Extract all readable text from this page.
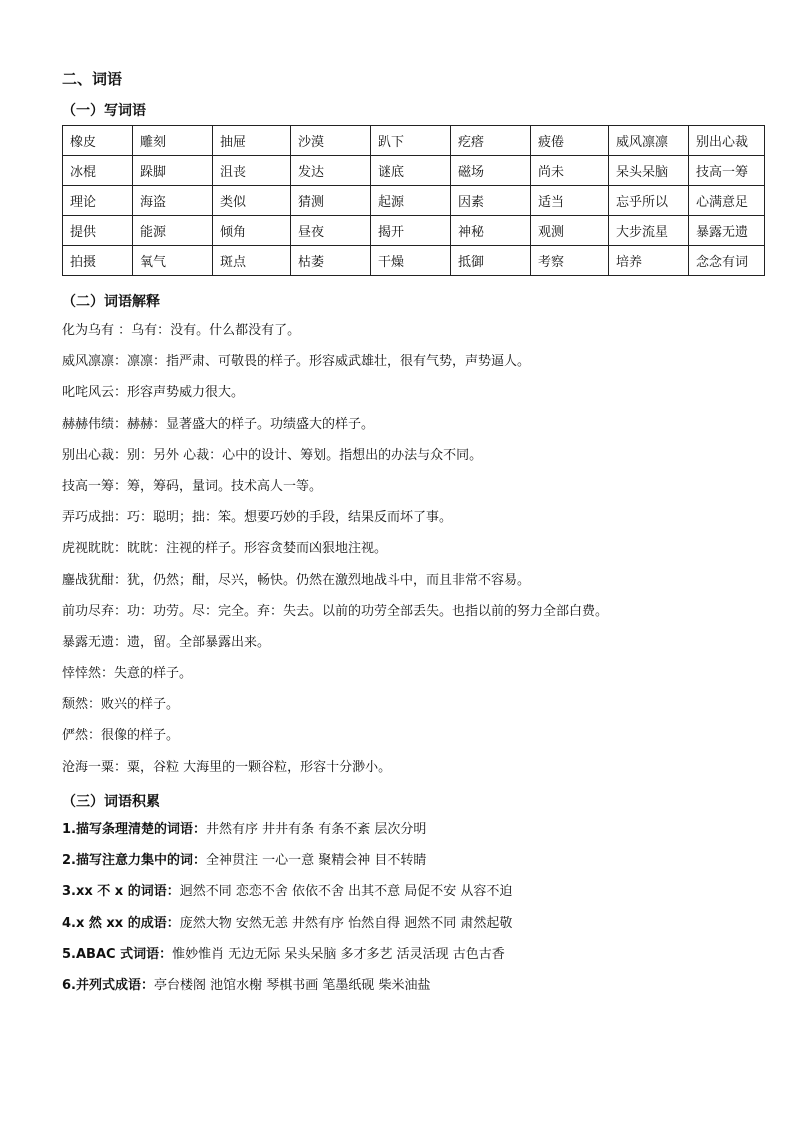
二、词语
（一）写词语
橡皮	雕刻	抽屉	沙漠	趴下	疙瘩	疲倦	威风凛凛	别出心裁
冰棍	跺脚	沮丧	发达	谜底	磁场	尚未	呆头呆脑	技高一筹
理论	海盗	类似	猜测	起源	因素	适当	忘乎所以	心满意足
提供	能源	倾角	昼夜	揭开	神秘	观测	大步流星	暴露无遗
拍摄	氧气	斑点	枯萎	干燥	抵御	考察	培养	念念有词
（二）词语解释
化为乌有 ：乌有：没有。什么都没有了。
威风凛凛：凛凛：指严肃、可敬畏的样子。形容威武雄壮，很有气势，声势逼人。
叱咤风云：形容声势威力很大。
赫赫伟绩：赫赫：显著盛大的样子。功绩盛大的样子。
别出心裁：别：另外 心裁：心中的设计、筹划。指想出的办法与众不同。
技高一筹：筹，筹码，量词。技术高人一等。
弄巧成拙：巧：聪明；拙：笨。想要巧妙的手段，结果反而坏了事。
虎视眈眈：眈眈：注视的样子。形容贪婪而凶狠地注视。
鏖战犹酣：犹，仍然；酣，尽兴，畅快。仍然在激烈地战斗中，而且非常不容易。
前功尽弃：功：功劳。尽：完全。弃：失去。以前的功劳全部丢失。也指以前的努力全部白费。
暴露无遗：遗，留。全部暴露出来。
悻悻然：失意的样子。
颓然：败兴的样子。
俨然：很像的样子。
沧海一粟：粟，谷粒 大海里的一颗谷粒，形容十分渺小。
（三）词语积累
1.描写条理清楚的词语：井然有序 井井有条 有条不紊 层次分明
2.描写注意力集中的词：全神贯注 一心一意 聚精会神 目不转睛
3.xx 不 x 的词语：迥然不同 恋恋不舍 依依不舍 出其不意 局促不安 从容不迫
4.x 然 xx 的成语：庞然大物 安然无恙 井然有序 怡然自得 迥然不同 肃然起敬
5.ABAC 式词语：惟妙惟肖 无边无际 呆头呆脑 多才多艺 活灵活现 古色古香
6.并列式成语：亭台楼阁 池馆水榭 琴棋书画 笔墨纸砚 柴米油盐
